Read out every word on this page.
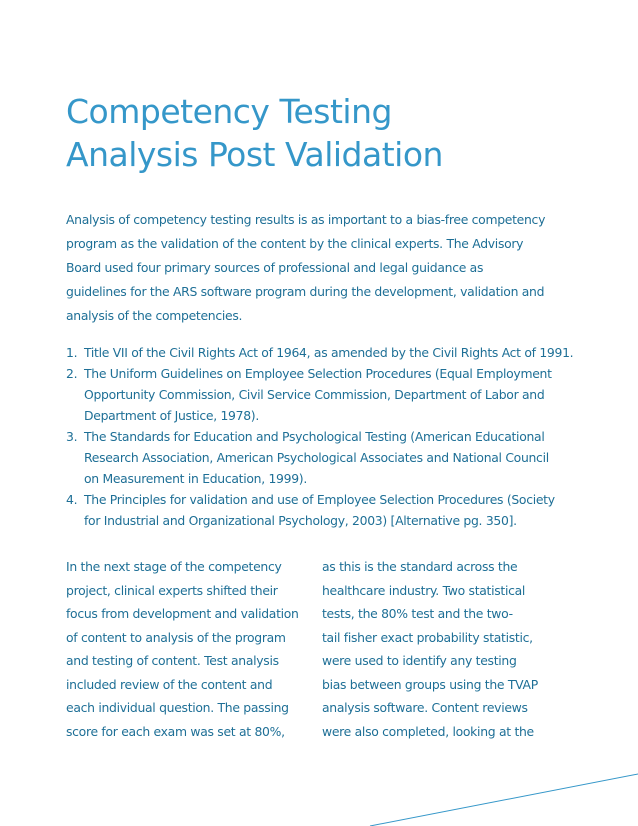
Competency Testing
Analysis Post Validation

Analysis of competency testing results is as important to a bias-free competency
program as the validation of the content by the clinical experts. The Advisory
Board used four primary sources of professional and legal guidance as
guidelines for the ARS software program during the development, validation and
analysis of the competencies.

1. Title VII of the Civil Rights Act of 1964, as amended by the Civil Rights Act of 1991.
2. The Uniform Guidelines on Employee Selection Procedures (Equal Employment
Opportunity Commission, Civil Service Commission, Department of Labor and
Department of Justice, 1978).
3. The Standards for Education and Psychological Testing (American Educational
Research Association, American Psychological Associates and National Council
on Measurement in Education, 1999).
4. The Principles for validation and use of Employee Selection Procedures (Society
for Industrial and Organizational Psychology, 2003) [Alternative pg. 350].

In the next stage of the competency
project, clinical experts shifted their
focus from development and validation
of content to analysis of the program
and testing of content. Test analysis
included review of the content and
each individual question. The passing
score for each exam was set at 80%,

as this is the standard across the
healthcare industry. Two statistical
tests, the 80% test and the two-
tail fisher exact probability statistic,
were used to identify any testing
bias between groups using the TVAP
analysis software. Content reviews
were also completed, looking at the
